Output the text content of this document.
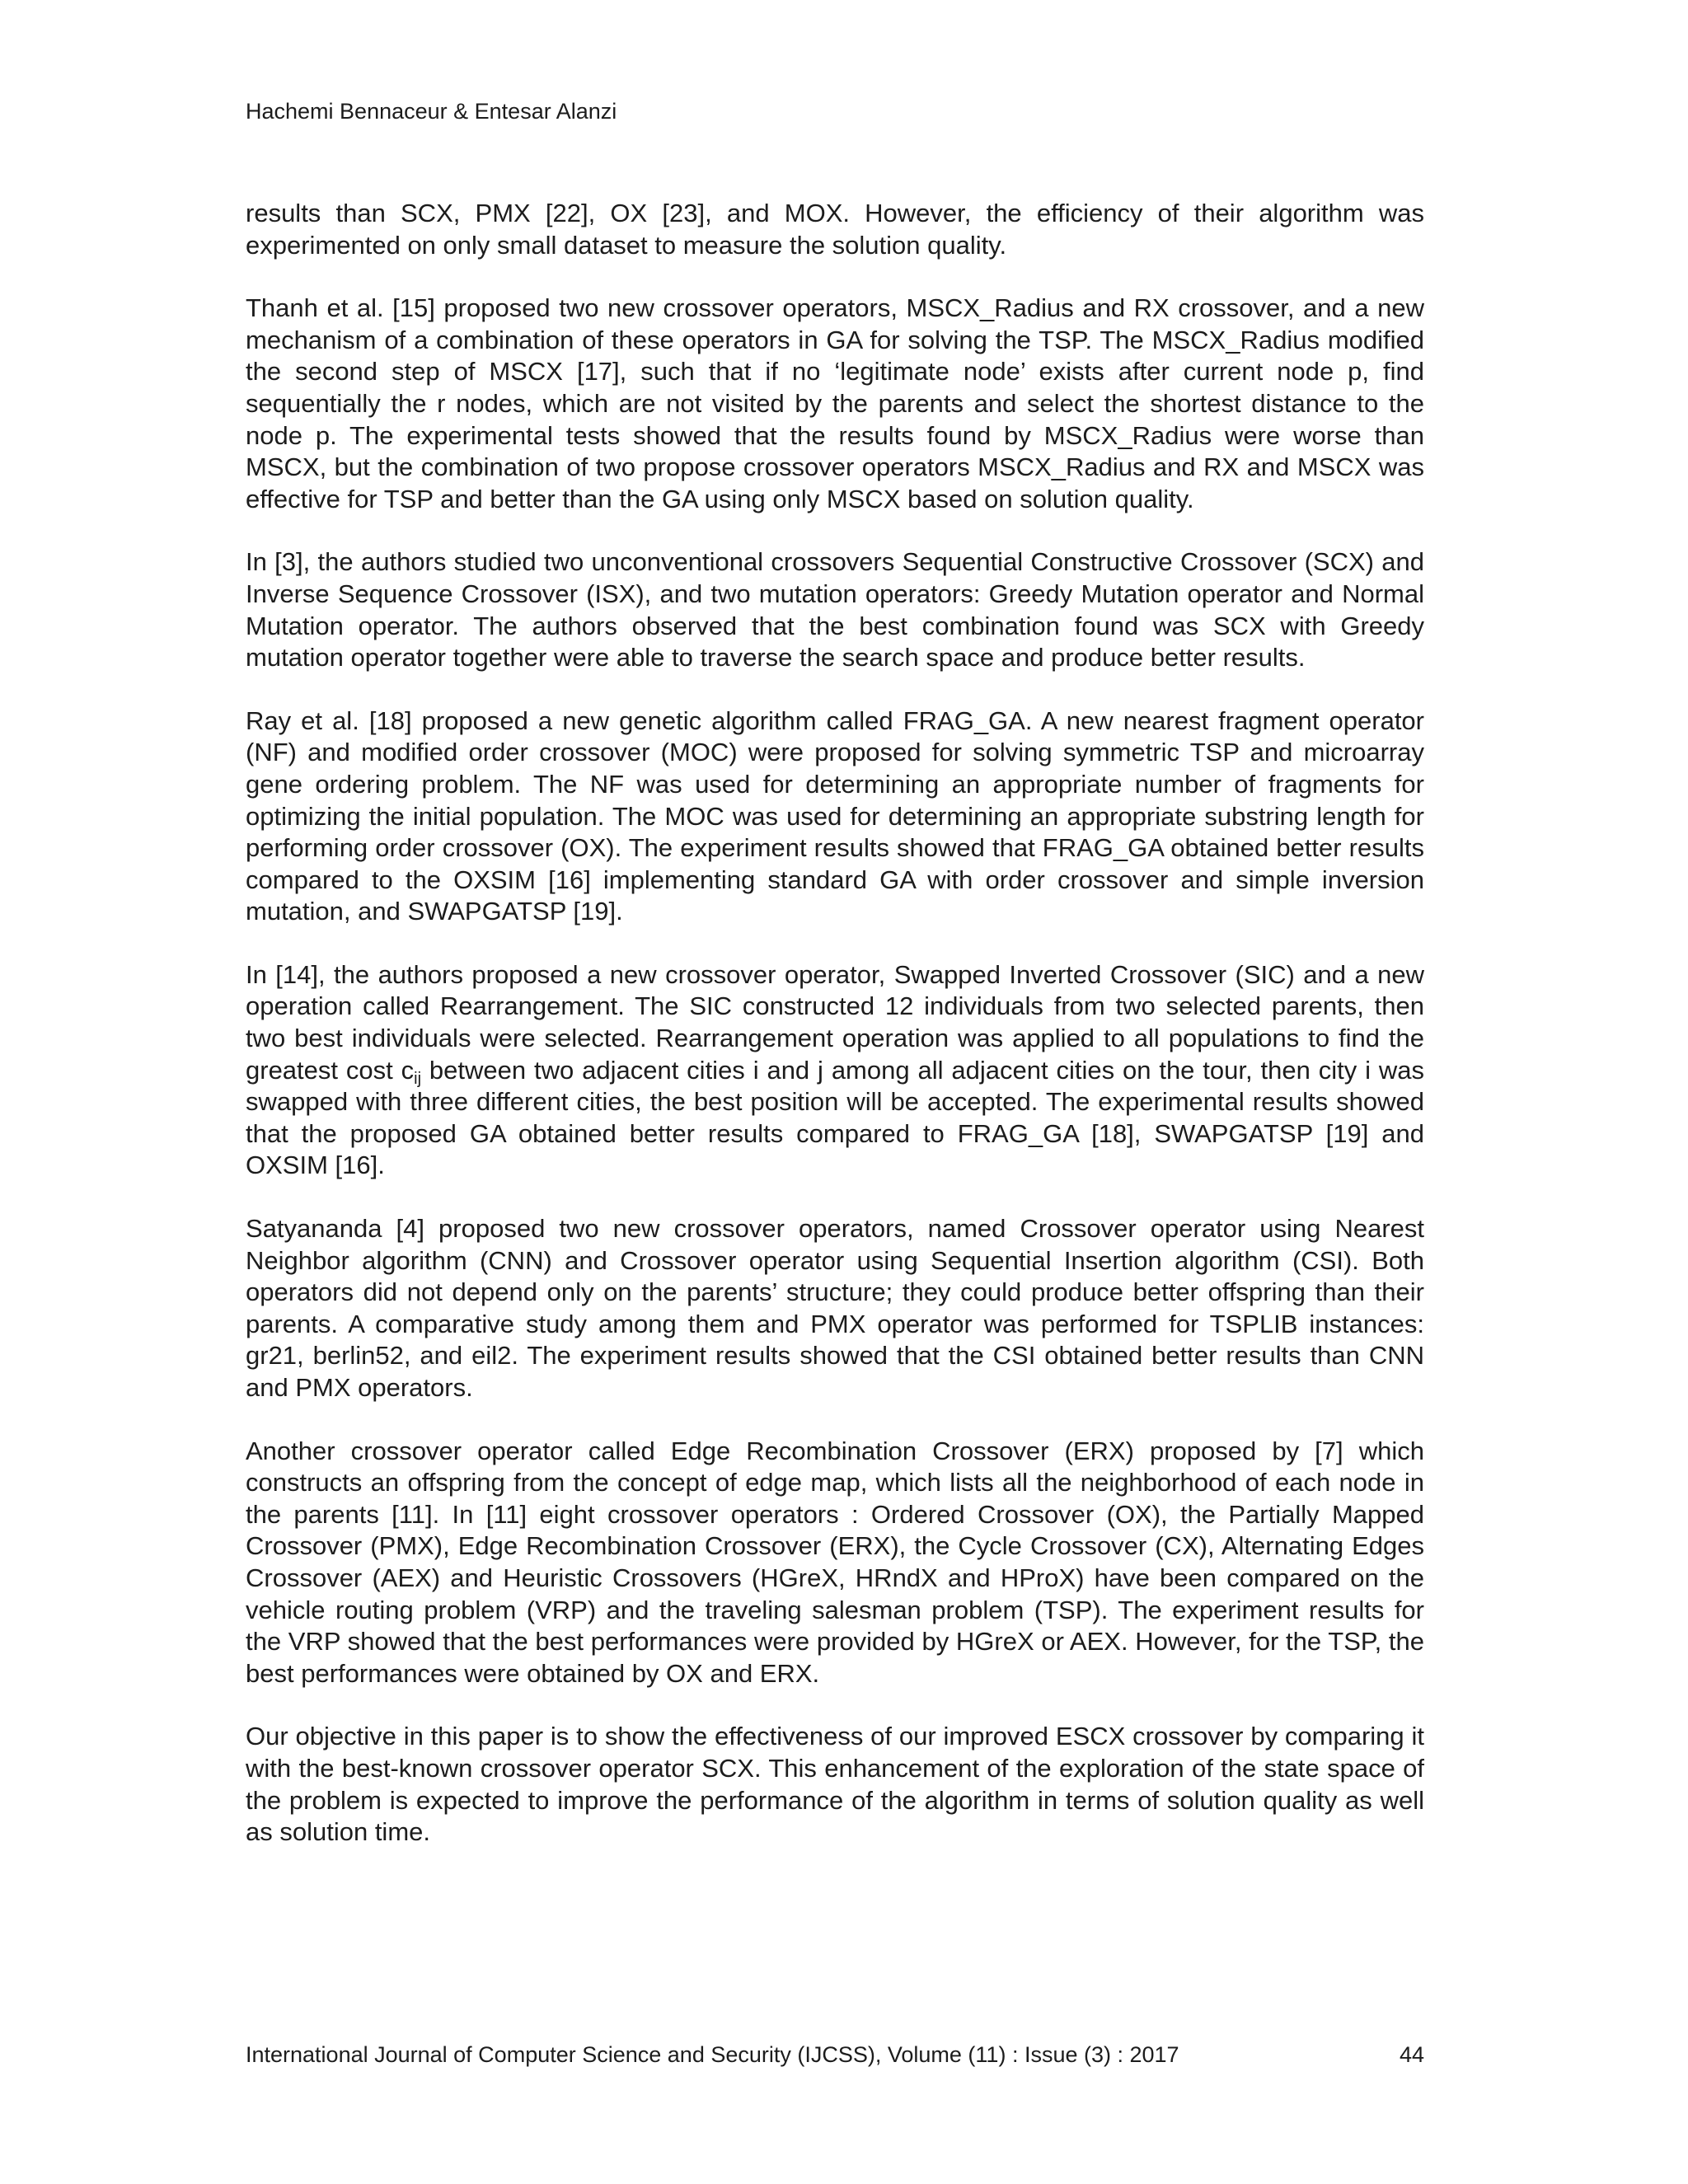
Hachemi Bennaceur & Entesar Alanzi

results than SCX, PMX [22], OX [23], and MOX. However, the efficiency of their algorithm was experimented on only small dataset to measure the solution quality.

Thanh et al. [15] proposed two new crossover operators, MSCX_Radius and RX crossover, and a new mechanism of a combination of these operators in GA for solving the TSP. The MSCX_Radius modified the second step of MSCX [17], such that if no ‘legitimate node’ exists after current node p, find sequentially the r nodes, which are not visited by the parents and select the shortest distance to the node p. The experimental tests showed that the results found by MSCX_Radius were worse than MSCX, but the combination of two propose crossover operators MSCX_Radius and RX and MSCX was effective for TSP and better than the GA using only MSCX based on solution quality.

In [3], the authors studied two unconventional crossovers Sequential Constructive Crossover (SCX) and Inverse Sequence Crossover (ISX), and two mutation operators: Greedy Mutation operator and Normal Mutation operator. The authors observed that the best combination found was SCX with Greedy mutation operator together were able to traverse the search space and produce better results.

Ray et al. [18] proposed a new genetic algorithm called FRAG_GA. A new nearest fragment operator (NF) and modified order crossover (MOC) were proposed for solving symmetric TSP and microarray gene ordering problem. The NF was used for determining an appropriate number of fragments for optimizing the initial population. The MOC was used for determining an appropriate substring length for performing order crossover (OX). The experiment results showed that FRAG_GA obtained better results compared to the OXSIM [16] implementing standard GA with order crossover and simple inversion mutation, and SWAPGATSP [19].

In [14], the authors proposed a new crossover operator, Swapped Inverted Crossover (SIC) and a new operation called Rearrangement. The SIC constructed 12 individuals from two selected parents, then two best individuals were selected. Rearrangement operation was applied to all populations to find the greatest cost $c_{ij}$ between two adjacent cities i and j among all adjacent cities on the tour, then city i was swapped with three different cities, the best position will be accepted. The experimental results showed that the proposed GA obtained better results compared to FRAG_GA [18], SWAPGATSP [19] and OXSIM [16].

Satyananda [4] proposed two new crossover operators, named Crossover operator using Nearest Neighbor algorithm (CNN) and Crossover operator using Sequential Insertion algorithm (CSI). Both operators did not depend only on the parents’ structure; they could produce better offspring than their parents. A comparative study among them and PMX operator was performed for TSPLIB instances: gr21, berlin52, and eil2. The experiment results showed that the CSI obtained better results than CNN and PMX operators.

Another crossover operator called Edge Recombination Crossover (ERX) proposed by [7] which constructs an offspring from the concept of edge map, which lists all the neighborhood of each node in the parents [11]. In [11] eight crossover operators : Ordered Crossover (OX), the Partially Mapped Crossover (PMX), Edge Recombination Crossover (ERX), the Cycle Crossover (CX), Alternating Edges Crossover (AEX) and Heuristic Crossovers (HGreX, HRndX and HProX) have been compared on the vehicle routing problem (VRP) and the traveling salesman problem (TSP). The experiment results for the VRP showed that the best performances were provided by HGreX or AEX. However, for the TSP, the best performances were obtained by OX and ERX.

Our objective in this paper is to show the effectiveness of our improved ESCX crossover by comparing it with the best-known crossover operator SCX. This enhancement of the exploration of the state space of the problem is expected to improve the performance of the algorithm in terms of solution quality as well as solution time.

International Journal of Computer Science and Security (IJCSS), Volume (11) : Issue (3) : 2017	44
